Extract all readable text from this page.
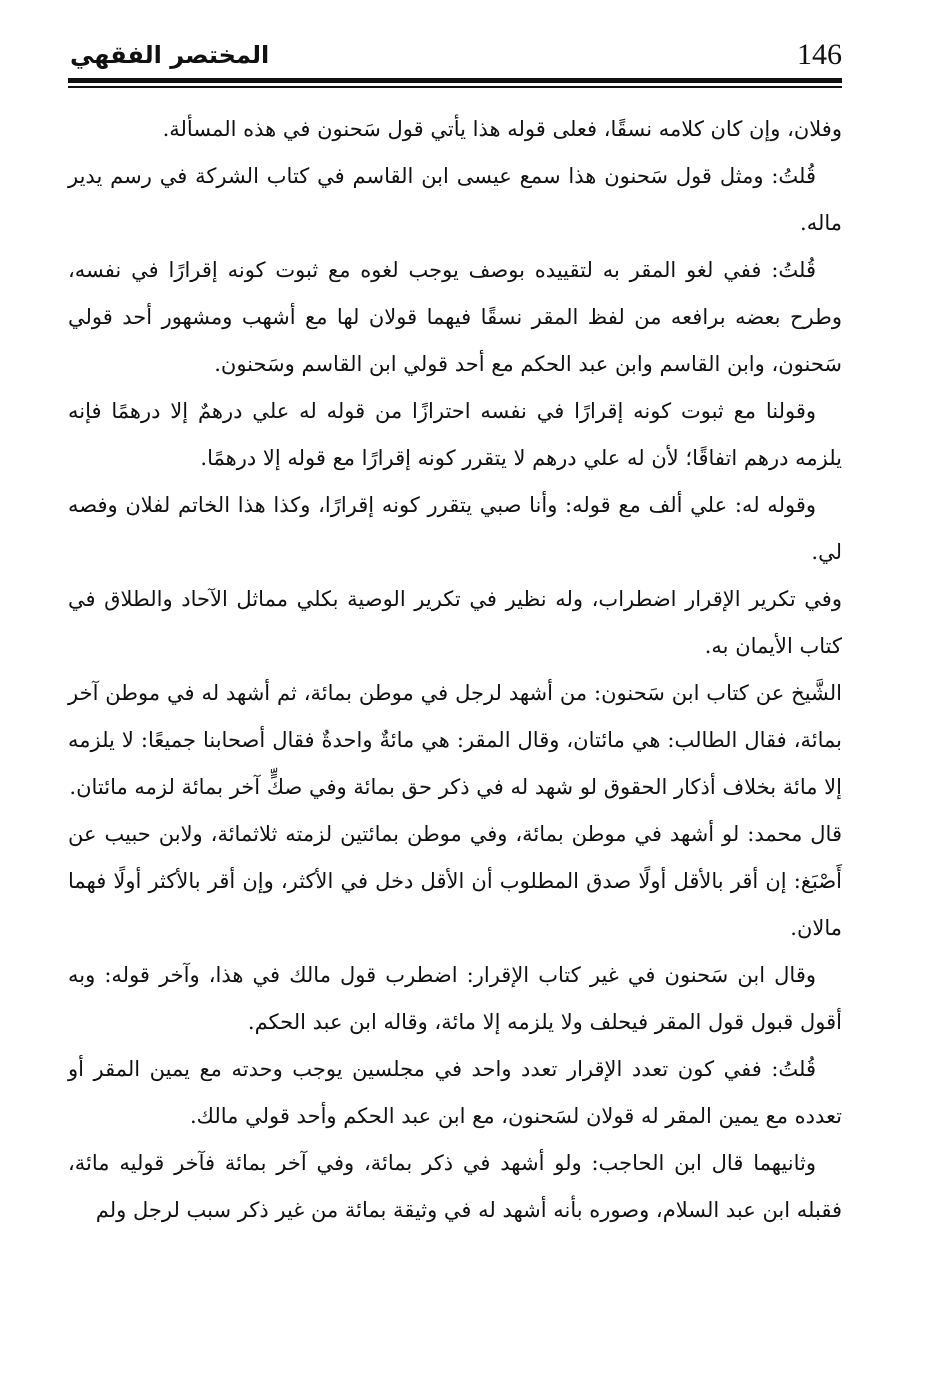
المختصر الفقهي	146

وفلان، وإن كان كلامه نسقًا، فعلى قوله هذا يأتي قول سَحنون في هذه المسألة.

قُلتُ: ومثل قول سَحنون هذا سمع عيسى ابن القاسم في كتاب الشركة في رسم يدير ماله.

قُلتُ: ففي لغو المقر به لتقييده بوصف يوجب لغوه مع ثبوت كونه إقرارًا في نفسه، وطرح بعضه برافعه من لفظ المقر نسقًا فيهما قولان لها مع أشهب ومشهور أحد قولي سَحنون، وابن القاسم وابن عبد الحكم مع أحد قولي ابن القاسم وسَحنون.

وقولنا مع ثبوت كونه إقرارًا في نفسه احترازًا من قوله له علي درهمٌ إلا درهمًا فإنه يلزمه درهم اتفاقًا؛ لأن له علي درهم لا يتقرر كونه إقرارًا مع قوله إلا درهمًا.

وقوله له: علي ألف مع قوله: وأنا صبي يتقرر كونه إقرارًا، وكذا هذا الخاتم لفلان وفصه لي.

وفي تكرير الإقرار اضطراب، وله نظير في تكرير الوصية بكلي مماثل الآحاد والطلاق في كتاب الأيمان به.

الشَّيخ عن كتاب ابن سَحنون: من أشهد لرجل في موطن بمائة، ثم أشهد له في موطن آخر بمائة، فقال الطالب: هي مائتان، وقال المقر: هي مائةٌ واحدةٌ فقال أصحابنا جميعًا: لا يلزمه إلا مائة بخلاف أذكار الحقوق لو شهد له في ذكر حق بمائة وفي صكٍّ آخر بمائة لزمه مائتان.

قال محمد: لو أشهد في موطن بمائة، وفي موطن بمائتين لزمته ثلاثمائة، ولابن حبيب عن أَصْبَغ: إن أقر بالأقل أولًا صدق المطلوب أن الأقل دخل في الأكثر، وإن أقر بالأكثر أولًا فهما مالان.

وقال ابن سَحنون في غير كتاب الإقرار: اضطرب قول مالك في هذا، وآخر قوله: وبه أقول قبول قول المقر فيحلف ولا يلزمه إلا مائة، وقاله ابن عبد الحكم.

قُلتُ: ففي كون تعدد الإقرار تعدد واحد في مجلسين يوجب وحدته مع يمين المقر أو تعدده مع يمين المقر له قولان لسَحنون، مع ابن عبد الحكم وأحد قولي مالك.

وثانيهما قال ابن الحاجب: ولو أشهد في ذكر بمائة، وفي آخر بمائة فآخر قوليه مائة، فقبله ابن عبد السلام، وصوره بأنه أشهد له في وثيقة بمائة من غير ذكر سبب لرجل ولم
